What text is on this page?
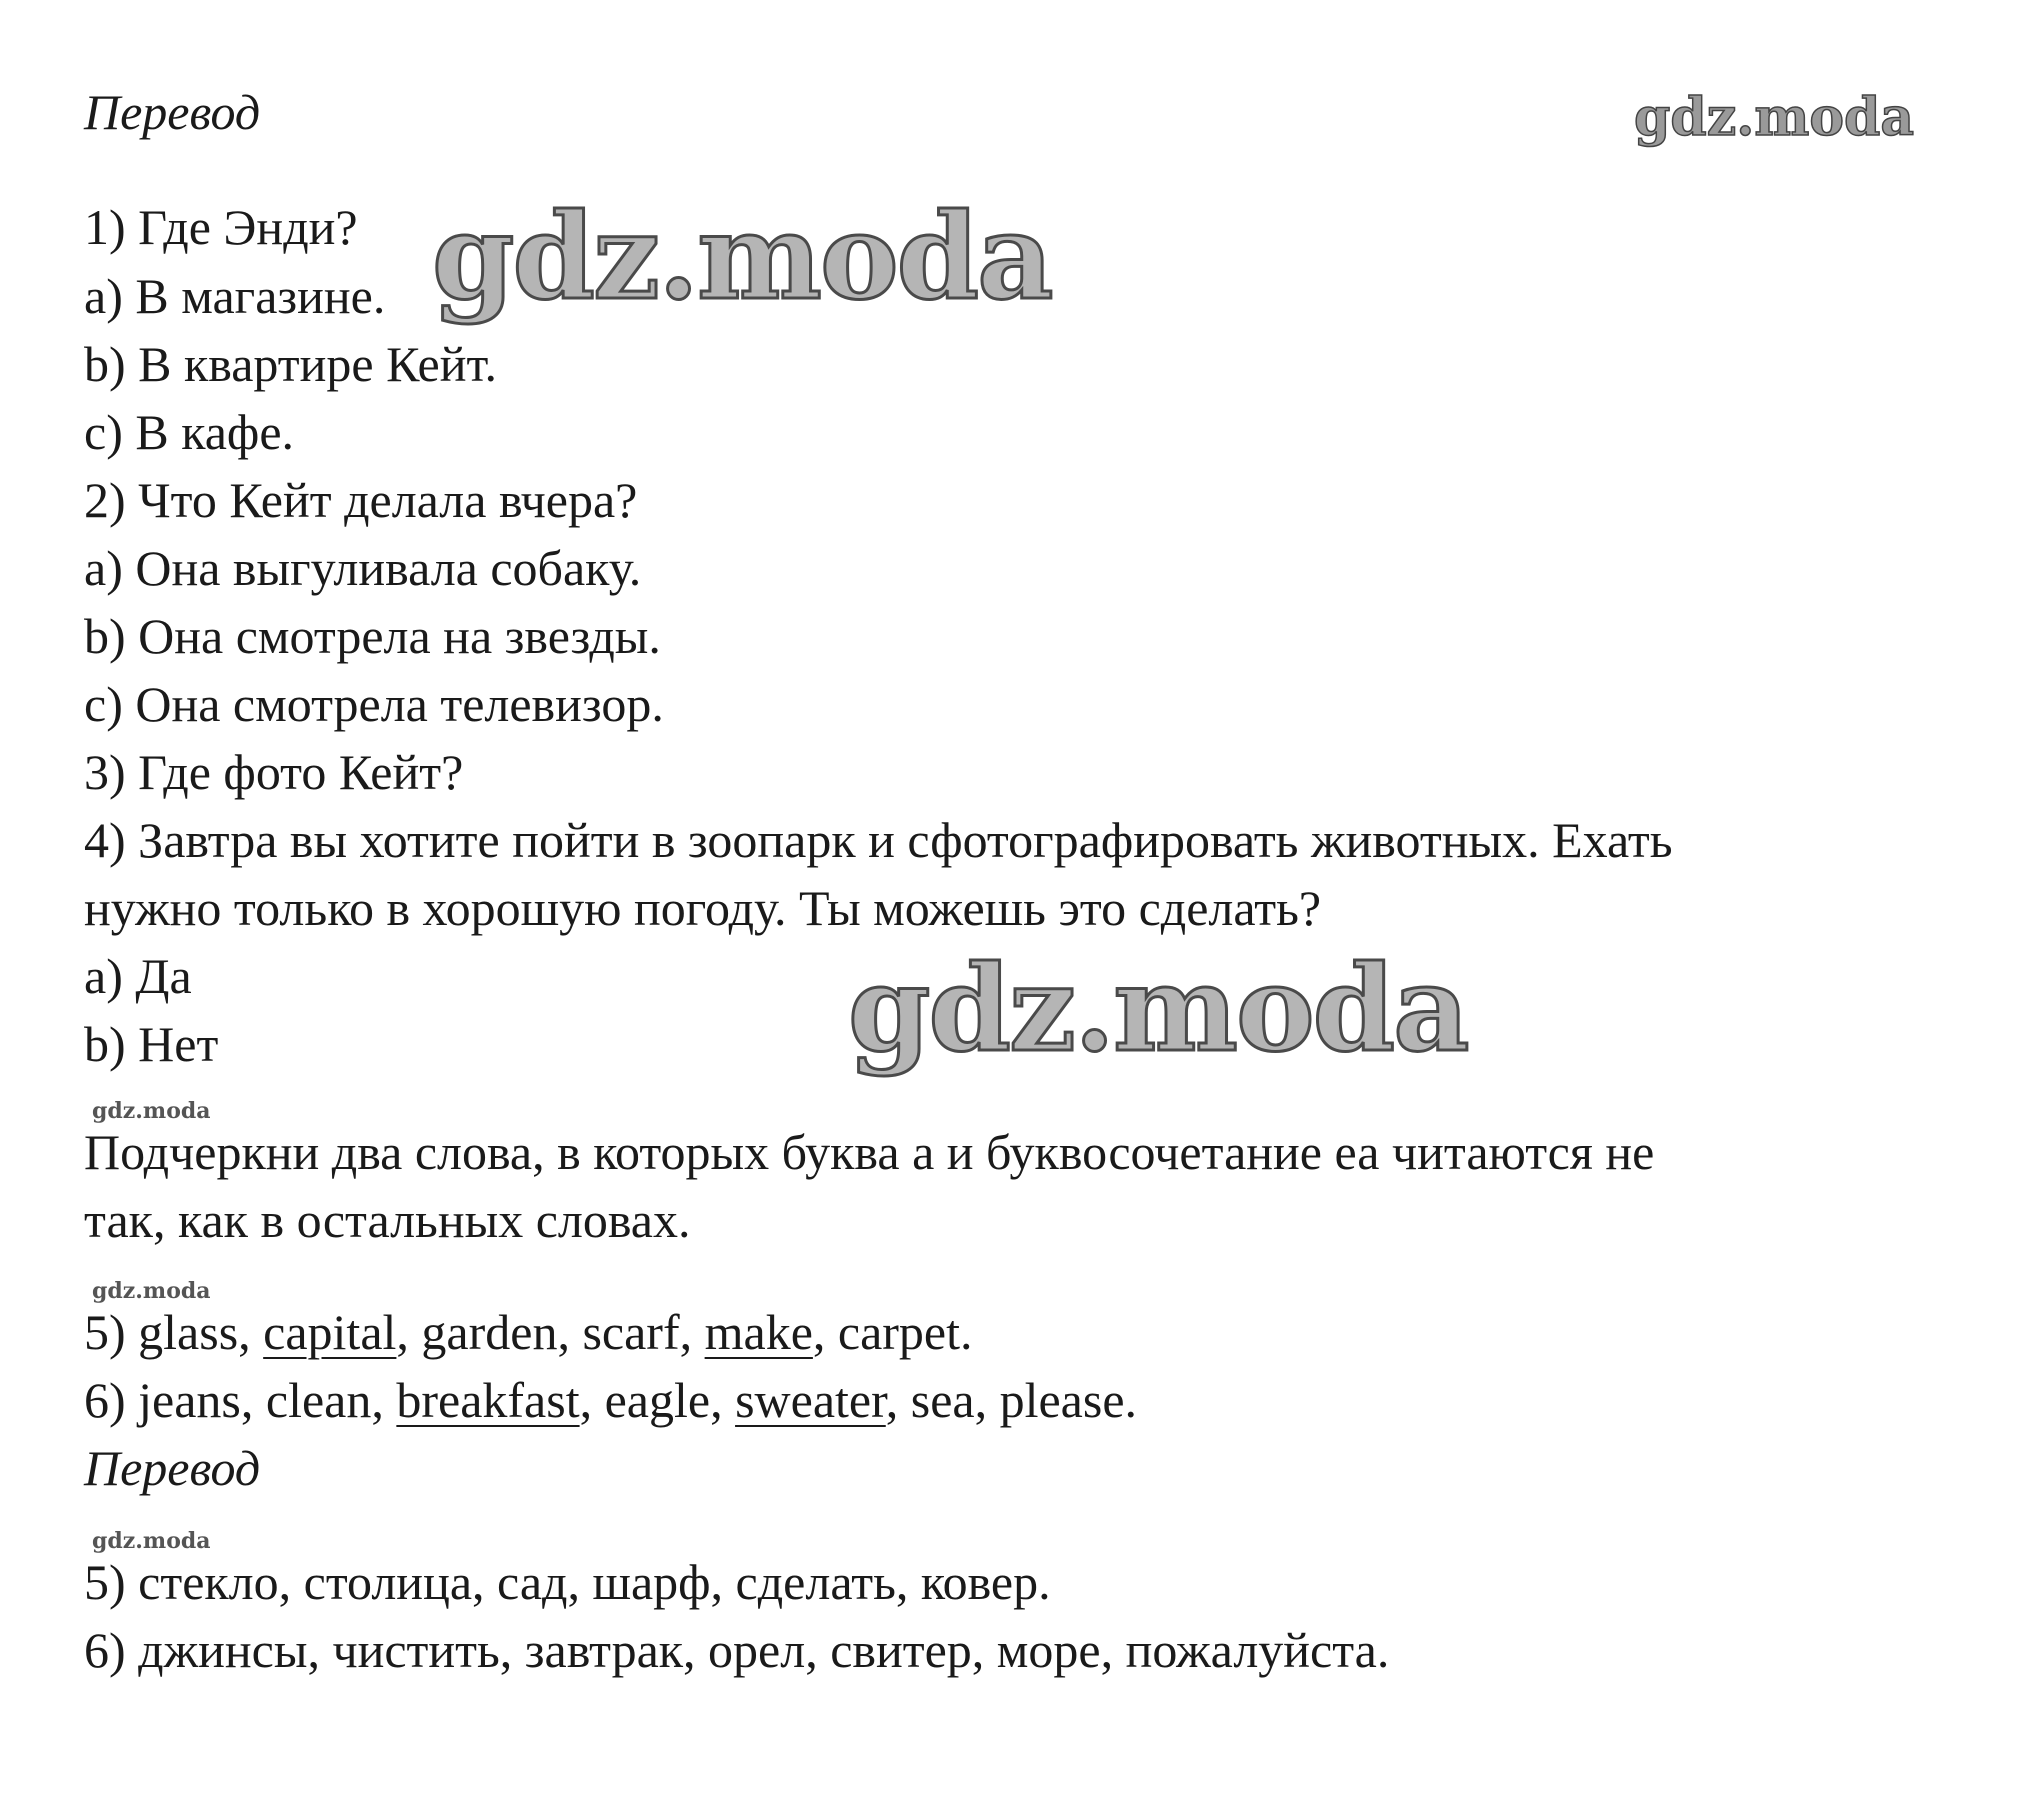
gdz.moda
Перевод
1) Где Энди?
a) В магазине.
b) В квартире Кейт.
c) В кафе.
2) Что Кейт делала вчера?
a) Она выгуливала собаку.
b) Она смотрела на звезды.
c) Она смотрела телевизор.
3) Где фото Кейт?
4) Завтра вы хотите пойти в зоопарк и сфотографировать животных. Ехать
нужно только в хорошую погоду. Ты можешь это сделать?
a) Да
b) Нет
gdz.moda
gdz.moda
gdz.moda
Подчеркни два слова, в которых буква а и буквосочетание еа читаются не
так, как в остальных словах.
gdz.moda
5) glass, capital, garden, scarf, make, carpet.
6) jeans, clean, breakfast, eagle, sweater, sea, please.
Перевод
gdz.moda
5) стекло, столица, сад, шарф, сделать, ковер.
6) джинсы, чистить, завтрак, орел, свитер, море, пожалуйста.
